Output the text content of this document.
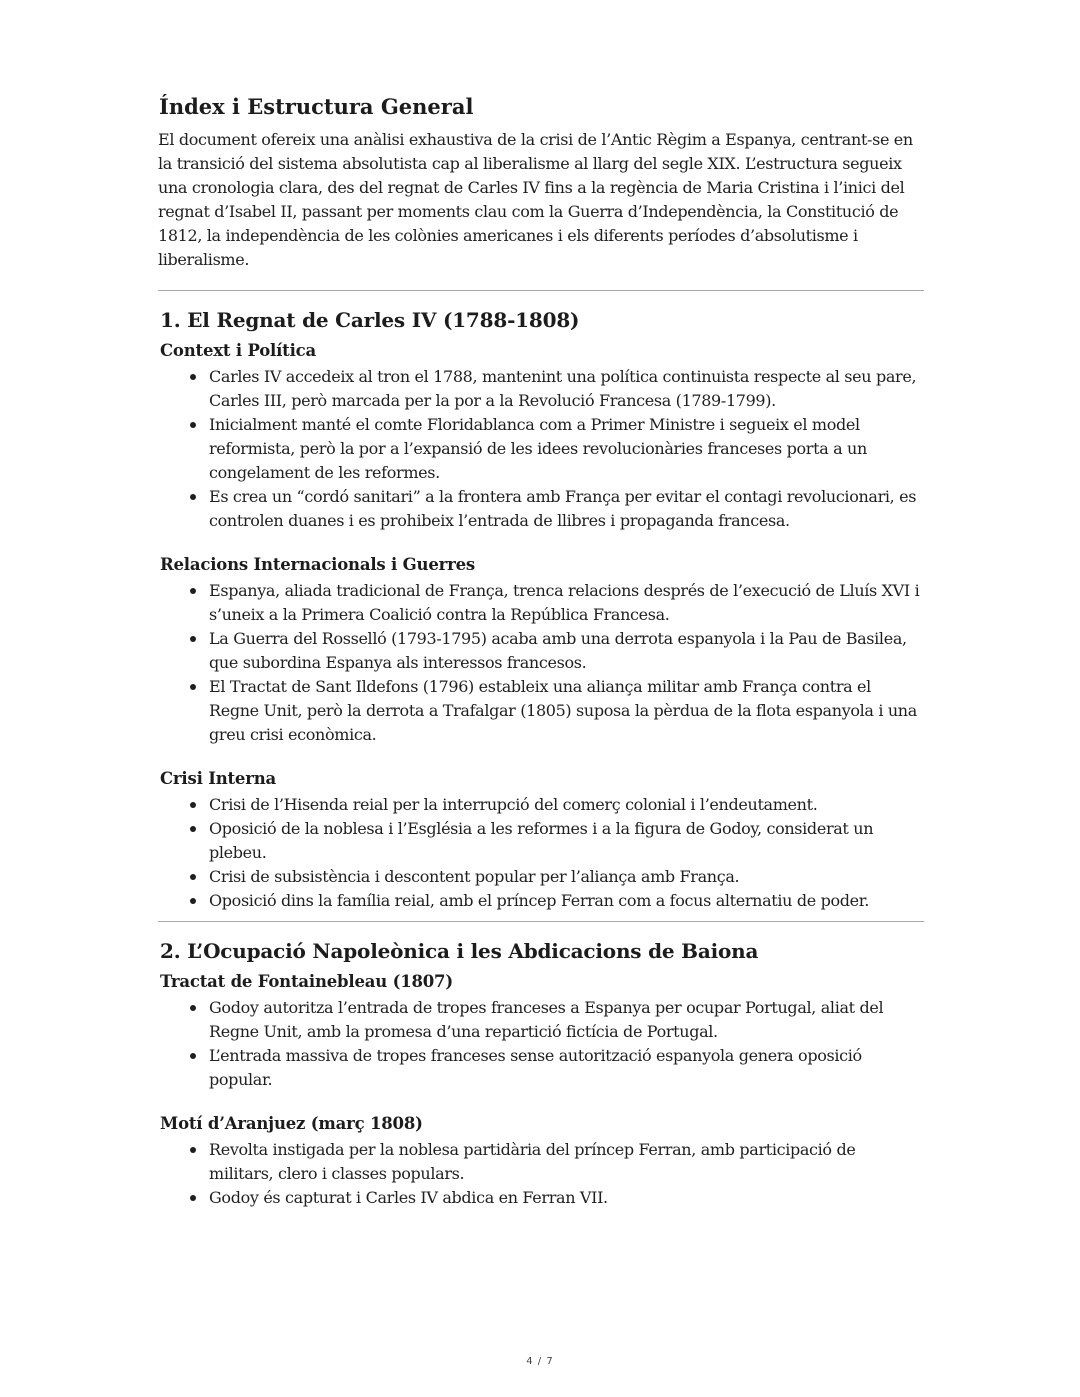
Índex i Estructura General

El document ofereix una anàlisi exhaustiva de la crisi de l’Antic Règim a Espanya, centrant-se en la transició del sistema absolutista cap al liberalisme al llarg del segle XIX. L’estructura segueix una cronologia clara, des del regnat de Carles IV fins a la regència de Maria Cristina i l’inici del regnat d’Isabel II, passant per moments clau com la Guerra d’Independència, la Constitució de 1812, la independència de les colònies americanes i els diferents períodes d’absolutisme i liberalisme.

1. El Regnat de Carles IV (1788-1808)
Context i Política
Carles IV accedeix al tron el 1788, mantenint una política continuista respecte al seu pare, Carles III, però marcada per la por a la Revolució Francesa (1789-1799).
Inicialment manté el comte Floridablanca com a Primer Ministre i segueix el model reformista, però la por a l’expansió de les idees revolucionàries franceses porta a un congelament de les reformes.
Es crea un “cordó sanitari” a la frontera amb França per evitar el contagi revolucionari, es controlen duanes i es prohibeix l’entrada de llibres i propaganda francesa.
Relacions Internacionals i Guerres
Espanya, aliada tradicional de França, trenca relacions després de l’execució de Lluís XVI i s’uneix a la Primera Coalició contra la República Francesa.
La Guerra del Rosselló (1793-1795) acaba amb una derrota espanyola i la Pau de Basilea, que subordina Espanya als interessos francesos.
El Tractat de Sant Ildefons (1796) estableix una aliança militar amb França contra el Regne Unit, però la derrota a Trafalgar (1805) suposa la pèrdua de la flota espanyola i una greu crisi econòmica.
Crisi Interna
Crisi de l’Hisenda reial per la interrupció del comerç colonial i l’endeutament.
Oposició de la noblesa i l’Església a les reformes i a la figura de Godoy, considerat un plebeu.
Crisi de subsistència i descontent popular per l’aliança amb França.
Oposició dins la família reial, amb el príncep Ferran com a focus alternatiu de poder.
2. L’Ocupació Napoleònica i les Abdicacions de Baiona
Tractat de Fontainebleau (1807)
Godoy autoritza l’entrada de tropes franceses a Espanya per ocupar Portugal, aliat del Regne Unit, amb la promesa d’una repartició fictícia de Portugal.
L’entrada massiva de tropes franceses sense autorització espanyola genera oposició popular.
Motí d’Aranjuez (març 1808)
Revolta instigada per la noblesa partidària del príncep Ferran, amb participació de militars, clero i classes populars.
Godoy és capturat i Carles IV abdica en Ferran VII.
4 / 7
